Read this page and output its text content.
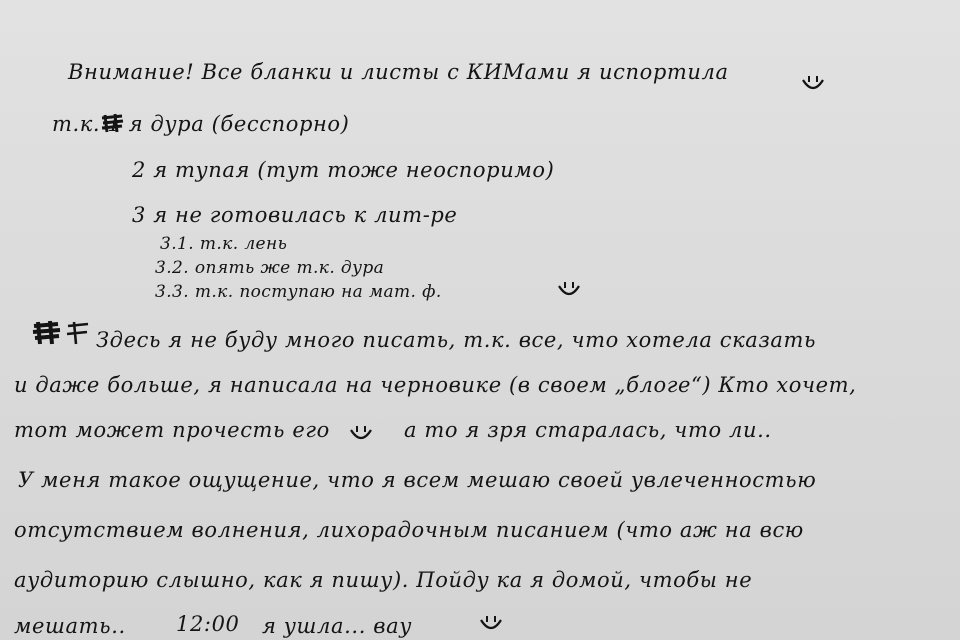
Внимание! Все бланки и листы с КИМами я испортила
т.к. 1 я дура (бесспорно)
2 я тупая (тут тоже неоспоримо)
3 я не готовилась к лит-ре
3.1. т.к. лень
3.2. опять же т.к. дура
3.3. т.к. поступаю на мат. ф.
Здесь я не буду много писать, т.к. все, что хотела сказать
и даже больше, я написала на черновике (в своем „блоге“) Кто хочет,
тот может прочесть его	а то я зря старалась, что ли..
У меня такое ощущение, что я всем мешаю своей увлеченностью
отсутствием волнения, лихорадочным писанием (что аж на всю
аудиторию слышно, как я пишу). Пойду ка я домой, чтобы не
мешать.. 12:00 я ушла... вау
